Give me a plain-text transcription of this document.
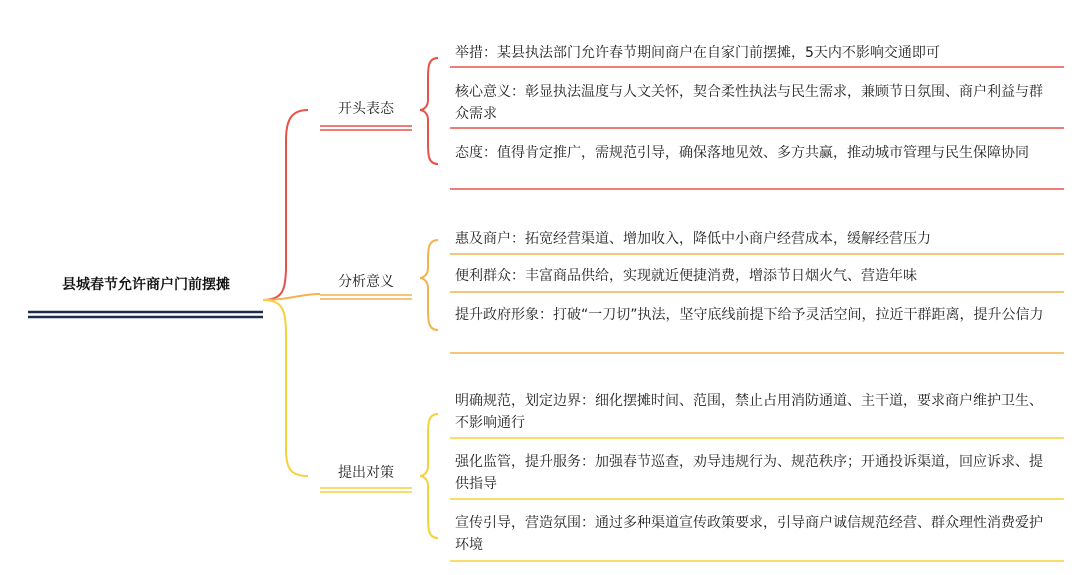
县城春节允许商户门前摆摊
开头表态
分析意义
提出对策
举措：某县执法部门允许春节期间商户在自家门前摆摊，5天内不影响交通即可
核心意义：彰显执法温度与人文关怀，契合柔性执法与民生需求，兼顾节日氛围、商户利益与群众需求
态度：值得肯定推广，需规范引导，确保落地见效、多方共赢，推动城市管理与民生保障协同
惠及商户：拓宽经营渠道、增加收入，降低中小商户经营成本，缓解经营压力
便利群众：丰富商品供给，实现就近便捷消费，增添节日烟火气、营造年味
提升政府形象：打破“一刀切”执法，坚守底线前提下给予灵活空间，拉近干群距离，提升公信力
明确规范，划定边界：细化摆摊时间、范围，禁止占用消防通道、主干道，要求商户维护卫生、不影响通行
强化监管，提升服务：加强春节巡查，劝导违规行为、规范秩序；开通投诉渠道，回应诉求、提供指导
宣传引导，营造氛围：通过多种渠道宣传政策要求，引导商户诚信规范经营、群众理性消费爱护环境
